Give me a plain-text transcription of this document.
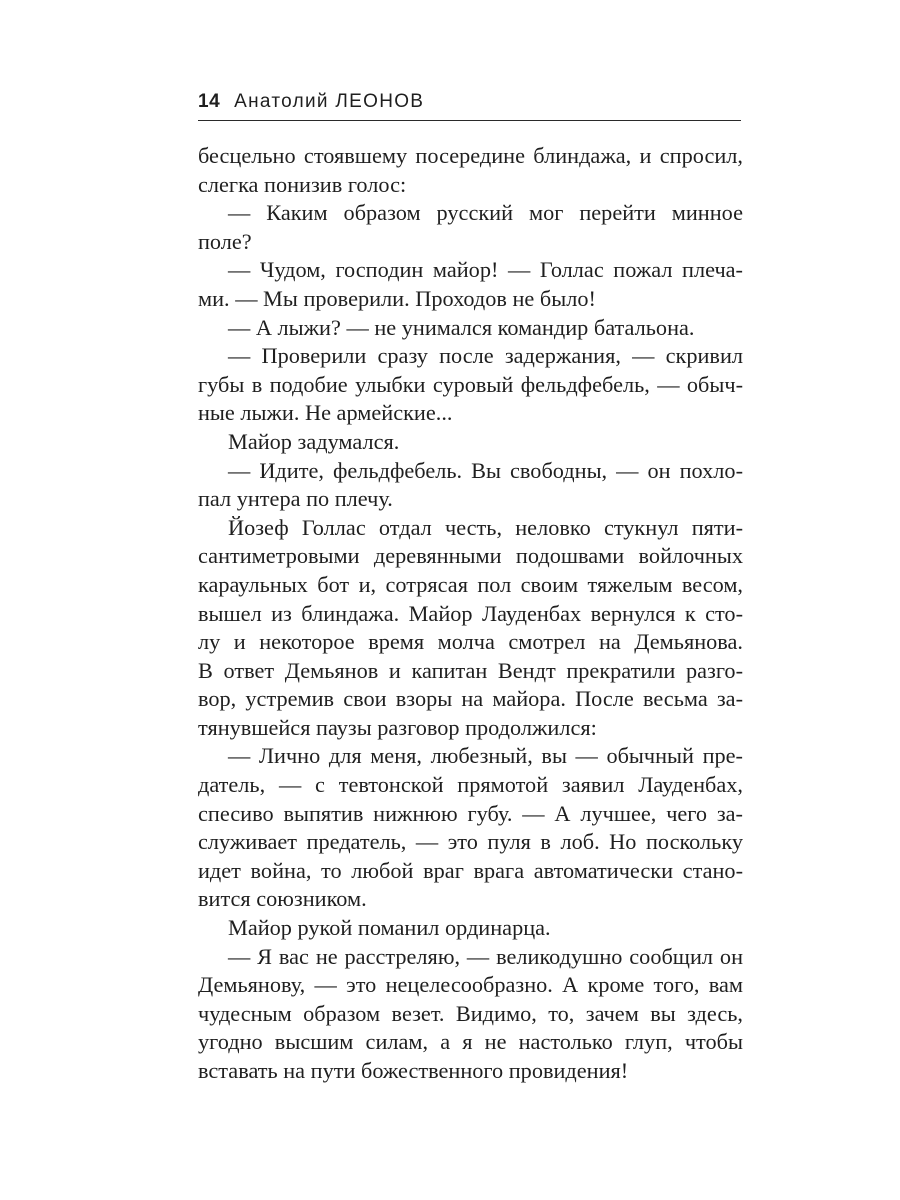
14 Анатолий ЛЕОНОВ
бесцельно стоявшему посередине блиндажа, и спросил,
слегка понизив голос:
— Каким образом русский мог перейти минное
поле?
— Чудом, господин майор! — Голлас пожал плеча-
ми. — Мы проверили. Проходов не было!
— А лыжи? — не унимался командир батальона.
— Проверили сразу после задержания, — скривил
губы в подобие улыбки суровый фельдфебель, — обыч-
ные лыжи. Не армейские...
Майор задумался.
— Идите, фельдфебель. Вы свободны, — он похло-
пал унтера по плечу.
Йозеф Голлас отдал честь, неловко стукнул пяти-
сантиметровыми деревянными подошвами войлочных
караульных бот и, сотрясая пол своим тяжелым весом,
вышел из блиндажа. Майор Лауденбах вернулся к сто-
лу и некоторое время молча смотрел на Демьянова.
В ответ Демьянов и капитан Вендт прекратили разго-
вор, устремив свои взоры на майора. После весьма за-
тянувшейся паузы разговор продолжился:
— Лично для меня, любезный, вы — обычный пре-
датель, — с тевтонской прямотой заявил Лауденбах,
спесиво выпятив нижнюю губу. — А лучшее, чего за-
служивает предатель, — это пуля в лоб. Но поскольку
идет война, то любой враг врага автоматически стано-
вится союзником.
Майор рукой поманил ординарца.
— Я вас не расстреляю, — великодушно сообщил он
Демьянову, — это нецелесообразно. А кроме того, вам
чудесным образом везет. Видимо, то, зачем вы здесь,
угодно высшим силам, а я не настолько глуп, чтобы
вставать на пути божественного провидения!
